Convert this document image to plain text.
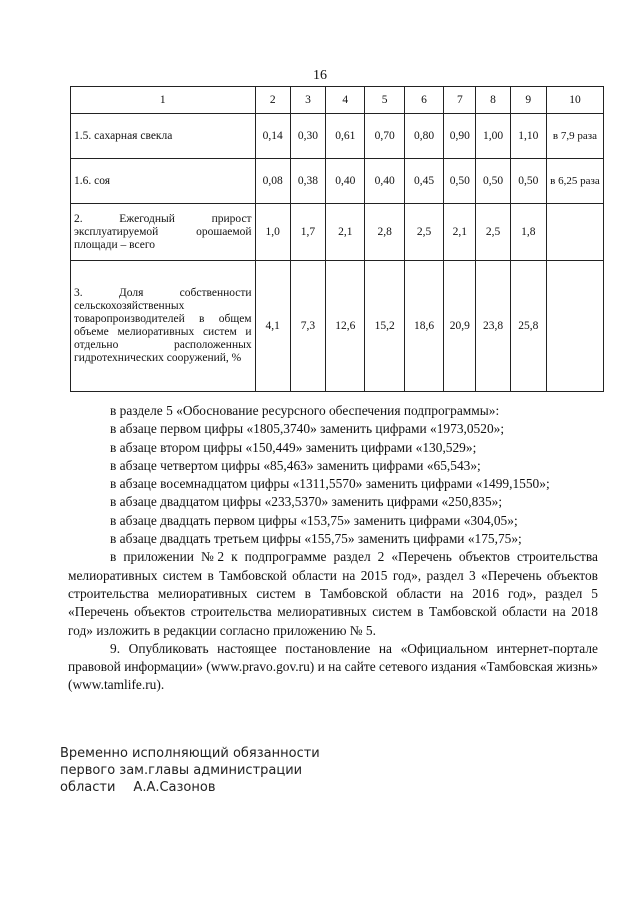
16
1	2	3	4	5	6	7	8	9	10
1.5. сахарная свекла	0,14	0,30	0,61	0,70	0,80	0,90	1,00	1,10	в 7,9 раза
1.6. соя	0,08	0,38	0,40	0,40	0,45	0,50	0,50	0,50	в 6,25 раза
2. Ежегодный прирост эксплуатируемой орошаемой площади – всего	1,0	1,7	2,1	2,8	2,5	2,1	2,5	1,8	
3. Доля собственности сельскохозяйственных товаропроизводителей в общем объеме мелиоративных систем и отдельно расположенных гидротехнических сооружений, %	4,1	7,3	12,6	15,2	18,6	20,9	23,8	25,8	

в разделе 5 «Обоснование ресурсного обеспечения подпрограммы»:

в абзаце первом цифры «1805,3740» заменить цифрами «1973,0520»;

в абзаце втором цифры «150,449» заменить цифрами «130,529»;

в абзаце четвертом цифры «85,463» заменить цифрами «65,543»;

в абзаце восемнадцатом цифры «1311,5570» заменить цифрами «1499,1550»;

в абзаце двадцатом цифры «233,5370» заменить цифрами «250,835»;

в абзаце двадцать первом цифры «153,75» заменить цифрами «304,05»;

в абзаце двадцать третьем цифры «155,75» заменить цифрами «175,75»;

в приложении №2 к подпрограмме раздел 2 «Перечень объектов строительства мелиоративных систем в Тамбовской области на 2015 год», раздел 3 «Перечень объектов строительства мелиоративных систем в Тамбовской области на 2016 год», раздел 5 «Перечень объектов строительства мелиоративных систем в Тамбовской области на 2018 год» изложить в редакции согласно приложению № 5.

9. Опубликовать настоящее постановление на «Официальном интернет-портале правовой информации» (www.pravo.gov.ru) и на сайте сетевого издания «Тамбовская жизнь» (www.tamlife.ru).

Временно исполняющий обязанности

первого зам.главы администрации

области А.А.Сазонов
